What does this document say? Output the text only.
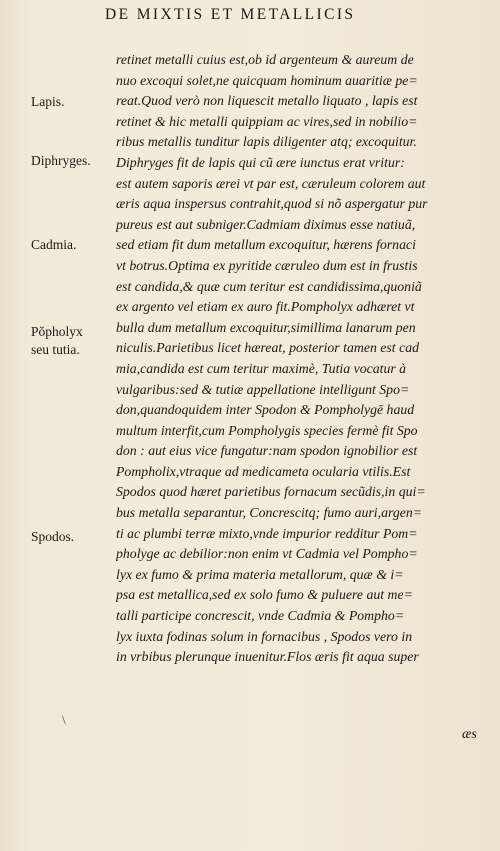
DE MIXTIS ET METALLICIS
Lapis.
Diphryges.
Cadmia.
Pŏpholyx
seu tutia.
Spodos.
\
retinet metalli cuius est,ob id argenteum & aureum de
nuo excoqui solet,ne quicquam hominum auaritiæ pe=
reat.Quod verò non liquescit metallo liquato , lapis est
retinet & hic metalli quippiam ac vires,sed in nobilio=
ribus metallis tunditur lapis diligenter atq; excoquitur.
Diphryges fit de lapis qui cũ ære iunctus erat vritur:
est autem saporis ærei vt par est, cæruleum colorem aut
æris aqua inspersus contrahit,quod si nõ aspergatur pur
pureus est aut subniger.Cadmiam diximus esse natiuã,
sed etiam fit dum metallum excoquitur, hærens fornaci
vt botrus.Optima ex pyritide cæruleo dum est in frustis
est candida,& quæ cum teritur est candidissima,quoniã
ex argento vel etiam ex auro fit.Pompholyx adhæret vt
bulla dum metallum excoquitur,simillima lanarum pen
niculis.Parietibus licet hæreat, posterior tamen est cad
mia,candida est cum teritur maximè, Tutia vocatur à
vulgaribus:sed & tutiæ appellatione intelligunt Spo=
don,quandoquidem inter Spodon & Pompholygē haud
multum interfit,cum Pompholygis species fermè fit Spo
don : aut eius vice fungatur:nam spodon ignobilior est
Pompholix,vtraque ad medicameta ocularia vtilis.Est
Spodos quod hæret parietibus fornacum secũdis,in qui=
bus metalla separantur, Concrescitq; fumo auri,argen=
ti ac plumbi terræ mixto,vnde impurior redditur Pom=
pholyge ac debilior:non enim vt Cadmia vel Pompho=
lyx ex fumo & prima materia metallorum, quæ & i=
psa est metallica,sed ex solo fumo & puluere aut me=
talli participe concrescit, vnde Cadmia & Pompho=
lyx iuxta fodinas solum in fornacibus , Spodos vero in
in vrbibus plerunque inuenitur.Flos æris fit aqua super
æs
